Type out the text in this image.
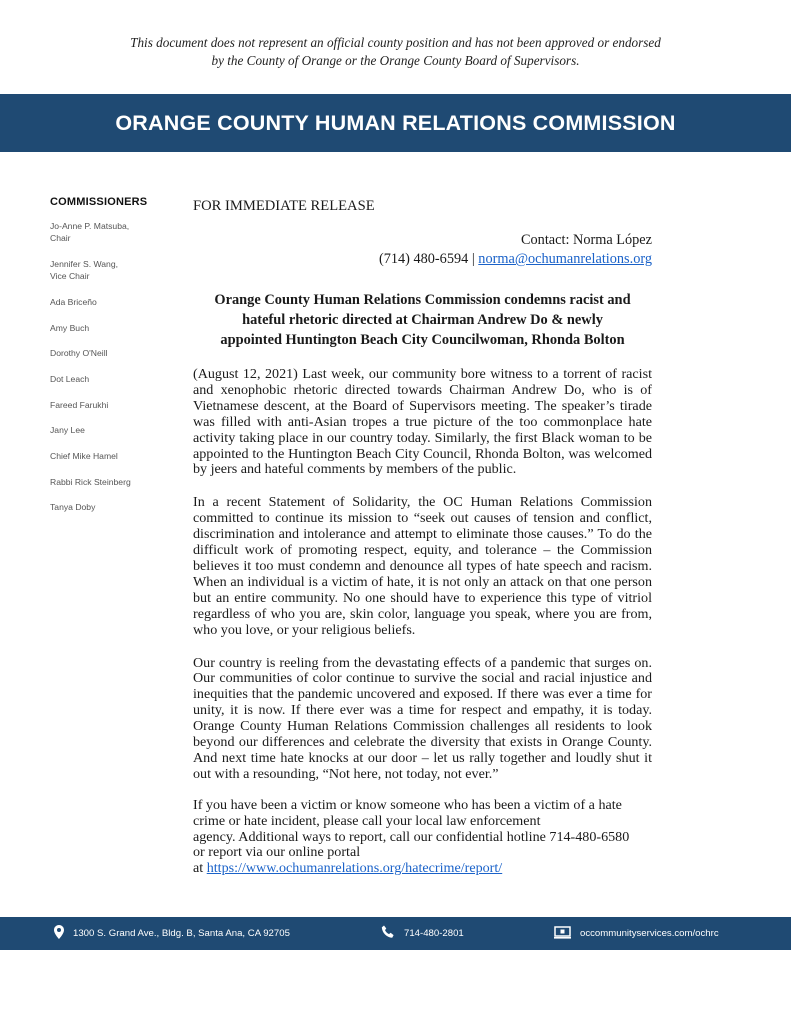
This document does not represent an official county position and has not been approved or endorsed
by the County of Orange or the Orange County Board of Supervisors.
ORANGE COUNTY HUMAN RELATIONS COMMISSION
COMMISSIONERS
Jo-Anne P. Matsuba,
Chair
Jennifer S. Wang,
Vice Chair
Ada Briceño
Amy Buch
Dorothy O'Neill
Dot Leach
Fareed Farukhi
Jany Lee
Chief Mike Hamel
Rabbi Rick Steinberg
Tanya Doby
FOR IMMEDIATE RELEASE
Contact: Norma López
(714) 480-6594 | norma@ochumanrelations.org
Orange County Human Relations Commission condemns racist and
hateful rhetoric directed at Chairman Andrew Do & newly
appointed Huntington Beach City Councilwoman, Rhonda Bolton

(August 12, 2021) Last week, our community bore witness to a torrent of racist and xenophobic rhetoric directed towards Chairman Andrew Do, who is of Vietnamese descent, at the Board of Supervisors meeting. The speaker’s tirade was filled with anti-Asian tropes a true picture of the too commonplace hate activity taking place in our country today. Similarly, the first Black woman to be appointed to the Huntington Beach City Council, Rhonda Bolton, was welcomed by jeers and hateful comments by members of the public.

In a recent Statement of Solidarity, the OC Human Relations Commission committed to continue its mission to “seek out causes of tension and conflict, discrimination and intolerance and attempt to eliminate those causes.” To do the difficult work of promoting respect, equity, and tolerance – the Commission believes it too must condemn and denounce all types of hate speech and racism. When an individual is a victim of hate, it is not only an attack on that one person but an entire community. No one should have to experience this type of vitriol regardless of who you are, skin color, language you speak, where you are from, who you love, or your religious beliefs.

Our country is reeling from the devastating effects of a pandemic that surges on. Our communities of color continue to survive the social and racial injustice and inequities that the pandemic uncovered and exposed. If there was ever a time for unity, it is now. If there ever was a time for respect and empathy, it is today. Orange County Human Relations Commission challenges all residents to look beyond our differences and celebrate the diversity that exists in Orange County. And next time hate knocks at our door – let us rally together and loudly shut it out with a resounding, “Not here, not today, not ever.”

If you have been a victim or know someone who has been a victim of a hate
crime or hate incident, please call your local law enforcement
agency. Additional ways to report, call our confidential hotline 714-480-6580
or report via our online portal
at https://www.ochumanrelations.org/hatecrime/report/

1300 S. Grand Ave., Bldg. B, Santa Ana, CA 92705	714-480-2801	occommunityservices.com/ochrc
